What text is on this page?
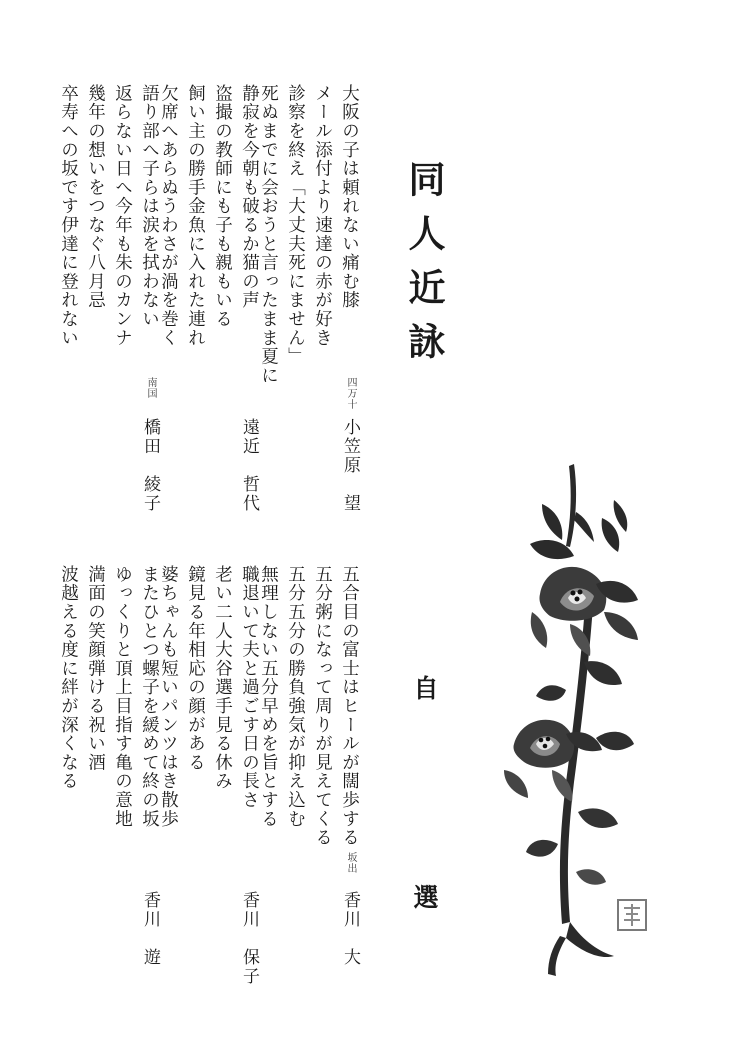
同人近詠
自
選
大阪の子は頼れない痛む膝
メール添付より速達の赤が好き
診察を終え「大丈夫死にません」
死ぬまでに会おうと言ったまま夏に
四万十
小笠原　望
静寂を今朝も破るか猫の声
盗撮の教師にも子も親もいる
飼い主の勝手金魚に入れた連れ
欠席へあらぬうわさが渦を巻く
遠近　哲代
語り部へ子らは涙を拭わない
返らない日へ今年も朱のカンナ
幾年の想いをつなぐ八月忌
卒寿への坂です伊達に登れない
南国
橋田　綾子
五合目の富士はヒールが闊歩する
五分粥になって周りが見えてくる
五分五分の勝負強気が抑え込む
無理しない五分早めを旨とする
坂出
香川　大
職退いて夫と過ごす日の長さ
老い二人大谷選手見る休み
鏡見る年相応の顔がある
婆ちゃんも短いパンツはき散歩
香川　保子
またひとつ螺子を緩めて終の坂
ゆっくりと頂上目指す亀の意地
満面の笑顔弾ける祝い酒
波越える度に絆が深くなる
香川　遊
